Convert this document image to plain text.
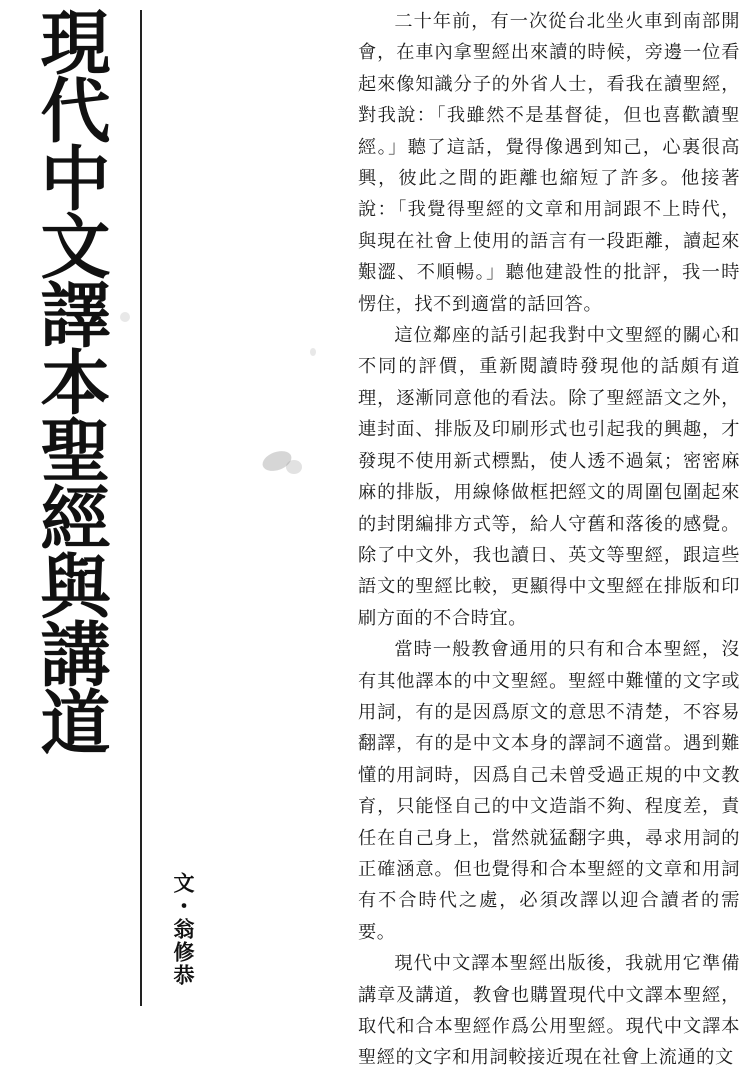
現代中文譯本聖經與講道
文・翁修恭

二十年前，有一次從台北坐火車到南部開會，在車內拿聖經出來讀的時候，旁邊一位看起來像知識分子的外省人士，看我在讀聖經，對我說：「我雖然不是基督徒，但也喜歡讀聖經。」聽了這話，覺得像遇到知己，心裏很高興，彼此之間的距離也縮短了許多。他接著說：「我覺得聖經的文章和用詞跟不上時代，與現在社會上使用的語言有一段距離，讀起來艱澀、不順暢。」聽他建設性的批評，我一時愣住，找不到適當的話回答。

這位鄰座的話引起我對中文聖經的關心和不同的評價，重新閱讀時發現他的話頗有道理，逐漸同意他的看法。除了聖經語文之外，連封面、排版及印刷形式也引起我的興趣，才發現不使用新式標點，使人透不過氣；密密麻麻的排版，用線條做框把經文的周圍包圍起來的封閉編排方式等，給人守舊和落後的感覺。除了中文外，我也讀日、英文等聖經，跟這些語文的聖經比較，更顯得中文聖經在排版和印刷方面的不合時宜。

當時一般教會通用的只有和合本聖經，沒有其他譯本的中文聖經。聖經中難懂的文字或用詞，有的是因爲原文的意思不清楚，不容易翻譯，有的是中文本身的譯詞不適當。遇到難懂的用詞時，因爲自己未曾受過正規的中文教育，只能怪自己的中文造詣不夠、程度差，責任在自己身上，當然就猛翻字典，尋求用詞的正確涵意。但也覺得和合本聖經的文章和用詞有不合時代之處，必須改譯以迎合讀者的需要。

現代中文譯本聖經出版後，我就用它準備講章及講道，教會也購置現代中文譯本聖經，取代和合本聖經作爲公用聖經。現代中文譯本聖經的文字和用詞較接近現在社會上流通的文
